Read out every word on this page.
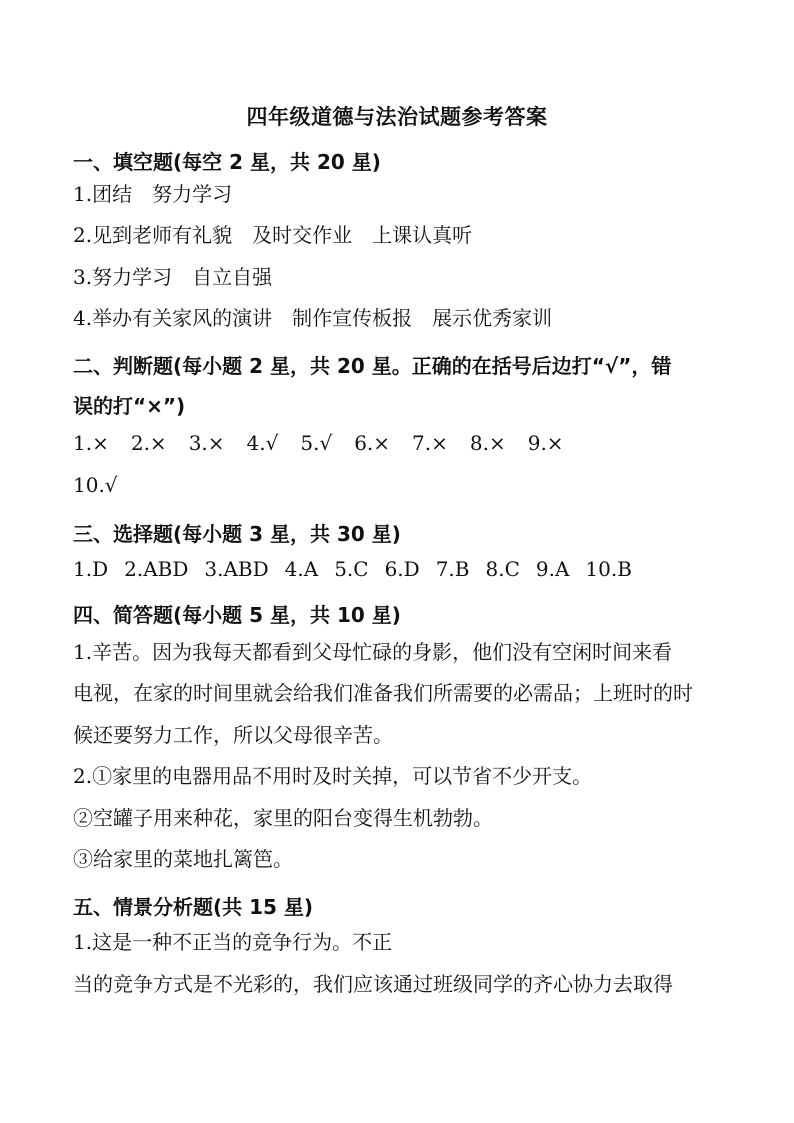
四年级道德与法治试题参考答案
一、填空题(每空 2 星，共 20 星)
1.团结　努力学习
2.见到老师有礼貌　及时交作业　上课认真听
3.努力学习　自立自强
4.举办有关家风的演讲　制作宣传板报　展示优秀家训
二、判断题(每小题 2 星，共 20 星。正确的在括号后边打“√”，错
误的打“×”)
1.× 2.× 3.× 4.√ 5.√ 6.× 7.× 8.× 9.×
10.√
三、选择题(每小题 3 星，共 30 星)
1.D 2.ABD 3.ABD 4.A 5.C 6.D 7.B 8.C 9.A 10.B
四、简答题(每小题 5 星，共 10 星)
1.辛苦。因为我每天都看到父母忙碌的身影，他们没有空闲时间来看
电视，在家的时间里就会给我们准备我们所需要的必需品；上班时的时
候还要努力工作，所以父母很辛苦。
2.①家里的电器用品不用时及时关掉，可以节省不少开支。
②空罐子用来种花，家里的阳台变得生机勃勃。
③给家里的菜地扎篱笆。
五、情景分析题(共 15 星)
1.这是一种不正当的竞争行为。不正
当的竞争方式是不光彩的，我们应该通过班级同学的齐心协力去取得
